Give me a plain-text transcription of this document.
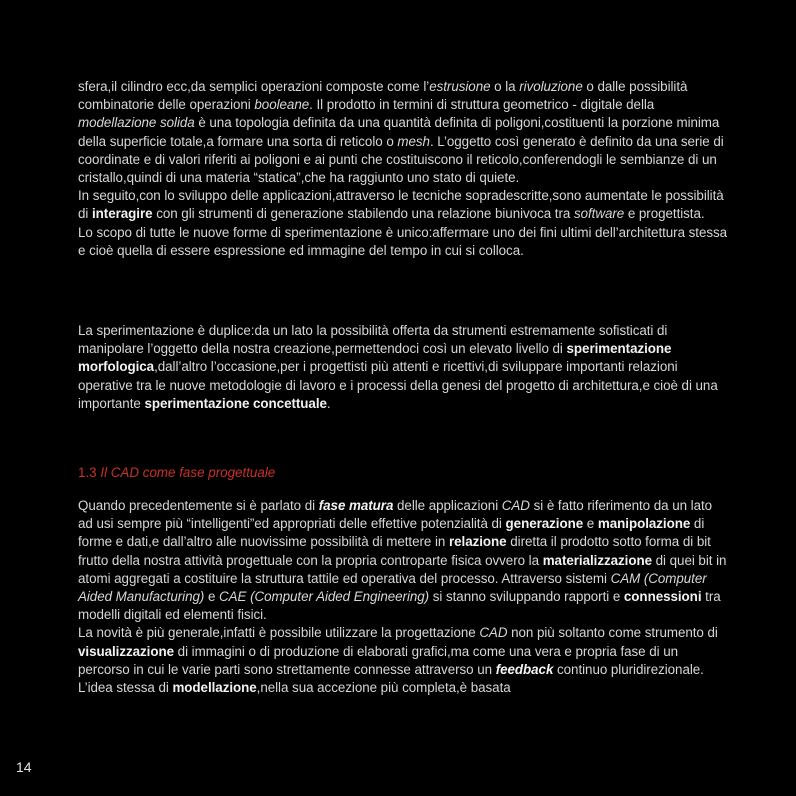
sfera,il cilindro ecc,da semplici operazioni composte come l’estrusione o la rivoluzione o dalle possibilità combinatorie delle operazioni booleane. Il prodotto in termini di struttura geometrico - digitale della modellazione solida è una topologia definita da una quantità definita di poligoni,costituenti la porzione minima della superficie totale,a formare una sorta di reticolo o mesh. L’oggetto così generato è definito da una serie di coordinate e di valori riferiti ai poligoni e ai punti che costituiscono il reticolo,conferendogli le sembianze di un cristallo,quindi di una materia “statica”,che ha raggiunto uno stato di quiete.
In seguito,con lo sviluppo delle applicazioni,attraverso le tecniche sopradescritte,sono aumentate le possibilità di interagire con gli strumenti di generazione stabilendo una relazione biunivoca tra software e progettista.
Lo scopo di tutte le nuove forme di sperimentazione è unico:affermare uno dei fini ultimi dell’architettura stessa e cioè quella di essere espressione ed immagine del tempo in cui si colloca.
La sperimentazione è duplice:da un lato la possibilità offerta da strumenti estremamente sofisticati di manipolare l’oggetto della nostra creazione,permettendoci così un elevato livello di sperimentazione morfologica,dall’altro l’occasione,per i progettisti più attenti e ricettivi,di sviluppare importanti relazioni operative tra le nuove metodologie di lavoro e i processi della genesi del progetto di architettura,e cioè di una importante sperimentazione concettuale.
1.3 Il CAD come fase progettuale
Quando precedentemente si è parlato di fase matura delle applicazioni CAD si è fatto riferimento da un lato ad usi sempre più “intelligenti”ed appropriati delle effettive potenzialità di generazione e manipolazione di forme e dati,e dall’altro alle nuovissime possibilità di mettere in relazione diretta il prodotto sotto forma di bit frutto della nostra attività progettuale con la propria controparte fisica ovvero la materializzazione di quei bit in atomi aggregati a costituire la struttura tattile ed operativa del processo. Attraverso sistemi CAM (Computer Aided Manufacturing) e CAE (Computer Aided Engineering) si stanno sviluppando rapporti e connessioni tra modelli digitali ed elementi fisici.
La novità è più generale,infatti è possibile utilizzare la progettazione CAD non più soltanto come strumento di visualizzazione di immagini o di produzione di elaborati grafici,ma come una vera e propria fase di un percorso in cui le varie parti sono strettamente connesse attraverso un feedback continuo pluridirezionale. L’idea stessa di modellazione,nella sua accezione più completa,è basata
14
